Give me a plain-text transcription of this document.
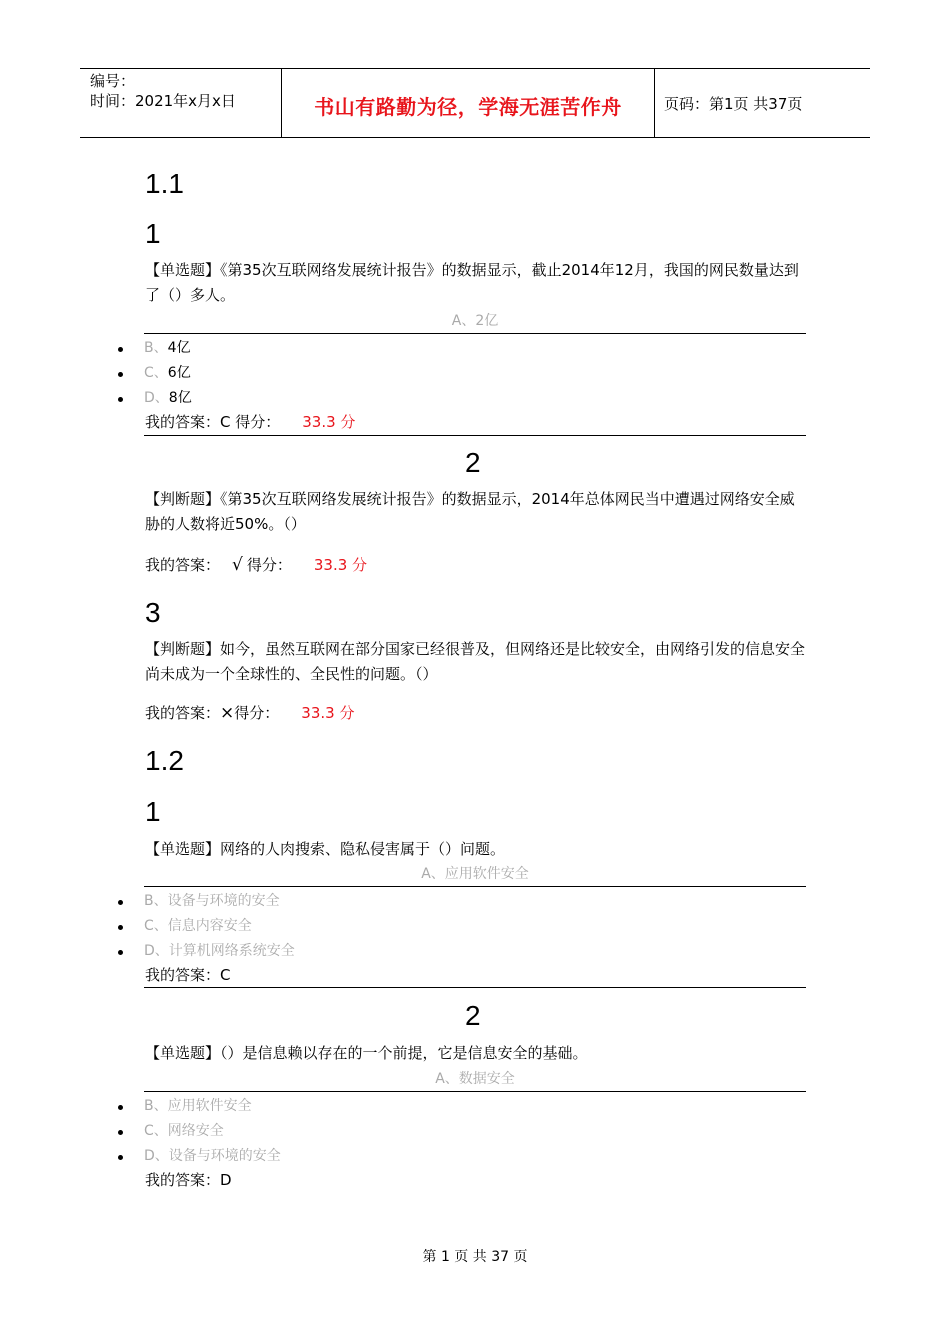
编号：
时间：2021年x月x日	书山有路勤为径，学海无涯苦作舟	页码：第1页 共37页
1.1
1
【单选题】《第35次互联网络发展统计报告》的数据显示，截止2014年12月，我国的网民数量达到了（）多人。
A、2亿
B、4亿
C、6亿
D、8亿
我的答案：C 得分： 33.3 分
2
【判断题】《第35次互联网络发展统计报告》的数据显示，2014年总体网民当中遭遇过网络安全威胁的人数将近50%。（）
我的答案： √ 得分： 33.3 分
3
【判断题】如今，虽然互联网在部分国家已经很普及，但网络还是比较安全，由网络引发的信息安全尚未成为一个全球性的、全民性的问题。（）
我的答案：×得分： 33.3 分
1.2
1
【单选题】网络的人肉搜索、隐私侵害属于（）问题。
A、应用软件安全
B、设备与环境的安全
C、信息内容安全
D、计算机网络系统安全
我的答案：C
2
【单选题】（）是信息赖以存在的一个前提，它是信息安全的基础。
A、数据安全
B、应用软件安全
C、网络安全
D、设备与环境的安全
我的答案：D
第 1 页 共 37 页
